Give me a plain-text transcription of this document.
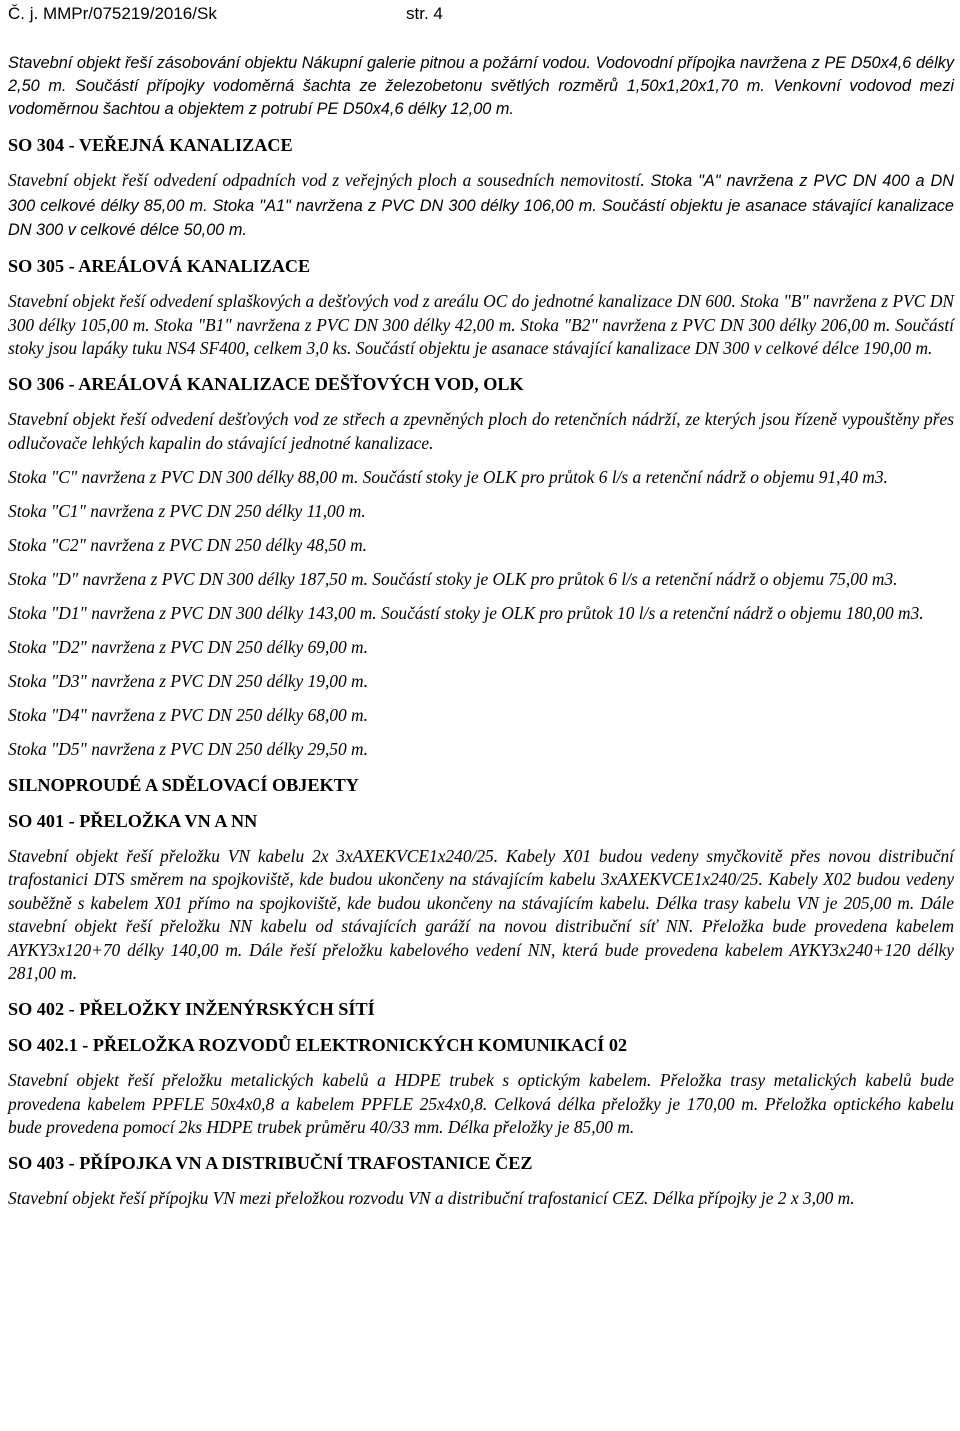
Č. j. MMPr/075219/2016/Sk	str. 4

Stavební objekt řeší zásobování objektu Nákupní galerie pitnou a požární vodou. Vodovodní přípojka navržena z PE D50x4,6 délky 2,50 m. Součástí přípojky vodoměrná šachta ze železobetonu světlých rozměrů 1,50x1,20x1,70 m. Venkovní vodovod mezi vodoměrnou šachtou a objektem z potrubí PE D50x4,6 délky 12,00 m.

SO 304 - VEŘEJNÁ KANALIZACE

Stavební objekt řeší odvedení odpadních vod z veřejných ploch a sousedních nemovitostí. Stoka "A" navržena z PVC DN 400 a DN 300 celkové délky 85,00 m. Stoka "A1" navržena z PVC DN 300 délky 106,00 m. Součástí objektu je asanace stávající kanalizace DN 300 v celkové délce 50,00 m.

SO 305 - AREÁLOVÁ KANALIZACE

Stavební objekt řeší odvedení splaškových a dešťových vod z areálu OC do jednotné kanalizace DN 600. Stoka "B" navržena z PVC DN 300 délky 105,00 m. Stoka "B1" navržena z PVC DN 300 délky 42,00 m. Stoka "B2" navržena z PVC DN 300 délky 206,00 m. Součástí stoky jsou lapáky tuku NS4 SF400, celkem 3,0 ks. Součástí objektu je asanace stávající kanalizace DN 300 v celkové délce 190,00 m.

SO 306 - AREÁLOVÁ KANALIZACE DEŠŤOVÝCH VOD, OLK

Stavební objekt řeší odvedení dešťových vod ze střech a zpevněných ploch do retenčních nádrží, ze kterých jsou řízeně vypouštěny přes odlučovače lehkých kapalin do stávající jednotné kanalizace.

Stoka "C" navržena z PVC DN 300 délky 88,00 m. Součástí stoky je OLK pro průtok 6 l/s a retenční nádrž o objemu 91,40 m3.

Stoka "C1" navržena z PVC DN 250 délky 11,00 m.

Stoka "C2" navržena z PVC DN 250 délky 48,50 m.

Stoka "D" navržena z PVC DN 300 délky 187,50 m. Součástí stoky je OLK pro průtok 6 l/s a retenční nádrž o objemu 75,00 m3.

Stoka "D1" navržena z PVC DN 300 délky 143,00 m. Součástí stoky je OLK pro průtok 10 l/s a retenční nádrž o objemu 180,00 m3.

Stoka "D2" navržena z PVC DN 250 délky 69,00 m.

Stoka "D3" navržena z PVC DN 250 délky 19,00 m.

Stoka "D4" navržena z PVC DN 250 délky 68,00 m.

Stoka "D5" navržena z PVC DN 250 délky 29,50 m.

SILNOPROUDÉ A SDĚLOVACÍ OBJEKTY
SO 401 - PŘELOŽKA VN A NN

Stavební objekt řeší přeložku VN kabelu 2x 3xAXEKVCE1x240/25. Kabely X01 budou vedeny smyčkovitě přes novou distribuční trafostanici DTS směrem na spojkoviště, kde budou ukončeny na stávajícím kabelu 3xAXEKVCE1x240/25. Kabely X02 budou vedeny souběžně s kabelem X01 přímo na spojkoviště, kde budou ukončeny na stávajícím kabelu. Délka trasy kabelu VN je 205,00 m. Dále stavební objekt řeší přeložku NN kabelu od stávajících garáží na novou distribuční síť NN. Přeložka bude provedena kabelem AYKY3x120+70 délky 140,00 m. Dále řeší přeložku kabelového vedení NN, která bude provedena kabelem AYKY3x240+120 délky 281,00 m.

SO 402 - PŘELOŽKY INŽENÝRSKÝCH SÍTÍ
SO 402.1 - PŘELOŽKA ROZVODŮ ELEKTRONICKÝCH KOMUNIKACÍ 02

Stavební objekt řeší přeložku metalických kabelů a HDPE trubek s optickým kabelem. Přeložka trasy metalických kabelů bude provedena kabelem PPFLE 50x4x0,8 a kabelem PPFLE 25x4x0,8. Celková délka přeložky je 170,00 m. Přeložka optického kabelu bude provedena pomocí 2ks HDPE trubek průměru 40/33 mm. Délka přeložky je 85,00 m.

SO 403 - PŘÍPOJKA VN A DISTRIBUČNÍ TRAFOSTANICE ČEZ

Stavební objekt řeší přípojku VN mezi přeložkou rozvodu VN a distribuční trafostanicí CEZ. Délka přípojky je 2 x 3,00 m.
